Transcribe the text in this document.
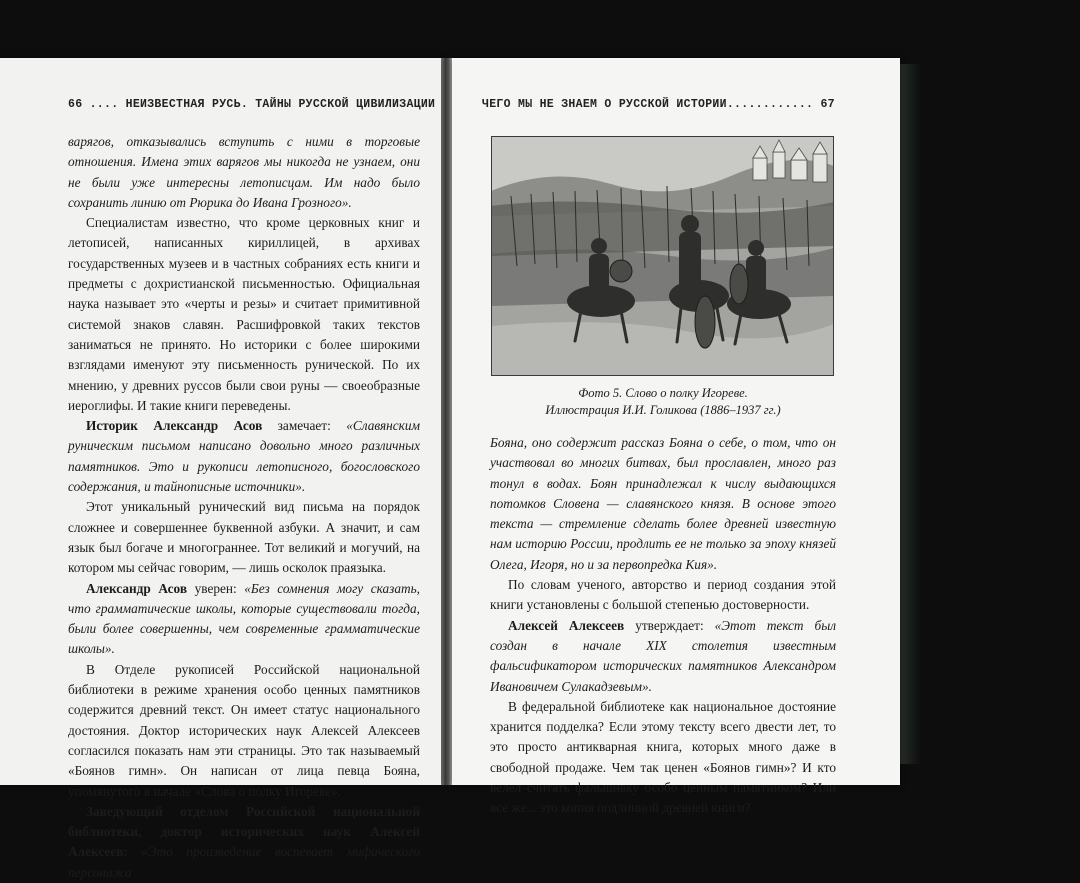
66 .... НЕИЗВЕСТНАЯ РУСЬ. ТАЙНЫ РУССКОЙ ЦИВИЛИЗАЦИИ

варягов, отказывались вступить с ними в торговые отношения. Имена этих варягов мы никогда не узнаем, они не были уже интересны летописцам. Им надо было сохранить линию от Рюрика до Ивана Грозного».

Специалистам известно, что кроме церковных книг и летописей, написанных кириллицей, в архивах государственных музеев и в частных собраниях есть книги и предметы с дохристианской письменностью. Официальная наука называет это «черты и резы» и считает примитивной системой знаков славян. Расшифровкой таких текстов заниматься не принято. Но историки с более широкими взглядами именуют эту письменность рунической. По их мнению, у древних руссов были свои руны — своеобразные иероглифы. И такие книги переведены.

Историк Александр Асов замечает: «Славянским руническим письмом написано довольно много различных памятников. Это и рукописи летописного, богословского содержания, и тайнописные источники».

Этот уникальный рунический вид письма на порядок сложнее и совершеннее буквенной азбуки. А значит, и сам язык был богаче и многограннее. Тот великий и могучий, на котором мы сейчас говорим, — лишь осколок праязыка.

Александр Асов уверен: «Без сомнения могу сказать, что грамматические школы, которые существовали тогда, были более совершенны, чем современные грамматические школы».

В Отделе рукописей Российской национальной библиотеки в режиме хранения особо ценных памятников содержится древний текст. Он имеет статус национального достояния. Доктор исторических наук Алексей Алексеев согласился показать нам эти страницы. Это так называемый «Боянов гимн». Он написан от лица певца Бояна, упомянутого в начале «Слова о полку Игореве».

Заведующий отделом Российской национальной библиотеки, доктор исторических наук Алексей Алексеев: «Это произведение воспевает мифического персонажа

ЧЕГО МЫ НЕ ЗНАЕМ О РУССКОЙ ИСТОРИИ............ 67
Фото 5. Слово о полку Игореве.
Иллюстрация И.И. Голикова (1886–1937 гг.)

Бояна, оно содержит рассказ Бояна о себе, о том, что он участвовал во многих битвах, был прославлен, много раз тонул в водах. Боян принадлежал к числу выдающихся потомков Словена — славянского князя. В основе этого текста — стремление сделать более древней известную нам историю России, продлить ее не только за эпоху князей Олега, Игоря, но и за первопредка Кия».

По словам ученого, авторство и период создания этой книги установлены с большой степенью достоверности.

Алексей Алексеев утверждает: «Этот текст был создан в начале XIX столетия известным фальсификатором исторических памятников Александром Ивановичем Сулакадзевым».

В федеральной библиотеке как национальное достояние хранится подделка? Если этому тексту всего двести лет, то это просто антикварная книга, которых много даже в свободной продаже. Чем так ценен «Боянов гимн»? И кто велел считать фальшивку особо ценным памятником? Или все же... это копия подлинной древней книги?
